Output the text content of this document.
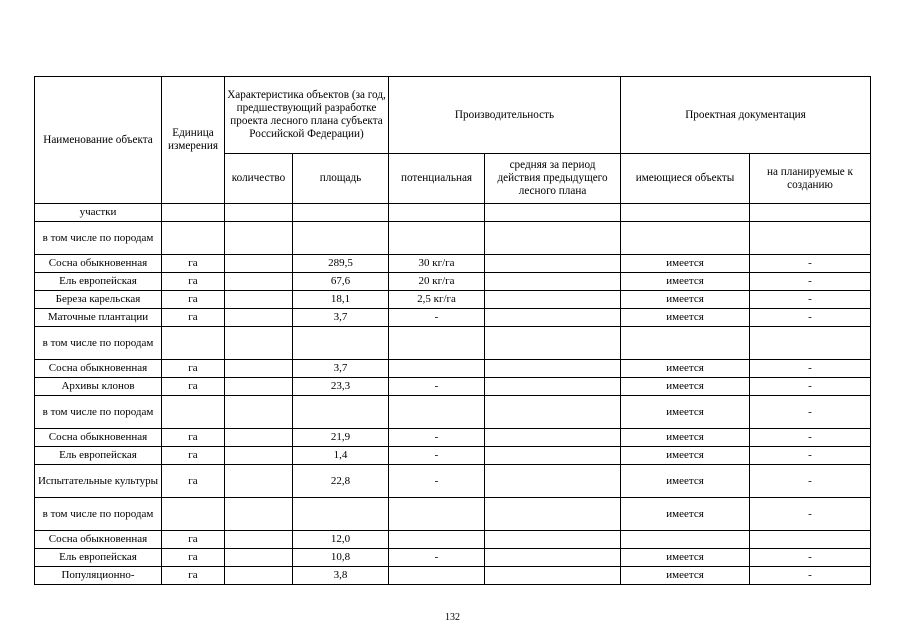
Наименование объекта	Единица измерения	Характеристика объектов (за год, предшествующий разработке проекта лесного плана субъекта Российской Федерации)		Производительность		Проектная документация	
		количество	площадь	потенциальная	средняя за период действия предыдущего лесного плана	имеющиеся объекты	на планируемые к созданию
участки							
в том числе по породам							
Сосна обыкновенная	га		289,5	30 кг/га		имеется	-
Ель европейская	га		67,6	20 кг/га		имеется	-
Береза карельская	га		18,1	2,5 кг/га		имеется	-
Маточные плантации	га		3,7	-		имеется	-
в том числе по породам							
Сосна обыкновенная	га		3,7			имеется	-
Архивы клонов	га		23,3	-		имеется	-
в том числе по породам						имеется	-
Сосна обыкновенная	га		21,9	-		имеется	-
Ель европейская	га		1,4	-		имеется	-
Испытательные культуры	га		22,8	-		имеется	-
в том числе по породам						имеется	-
Сосна обыкновенная	га		12,0				
Ель европейская	га		10,8	-		имеется	-
Популяционно-	га		3,8			имеется	-
132
